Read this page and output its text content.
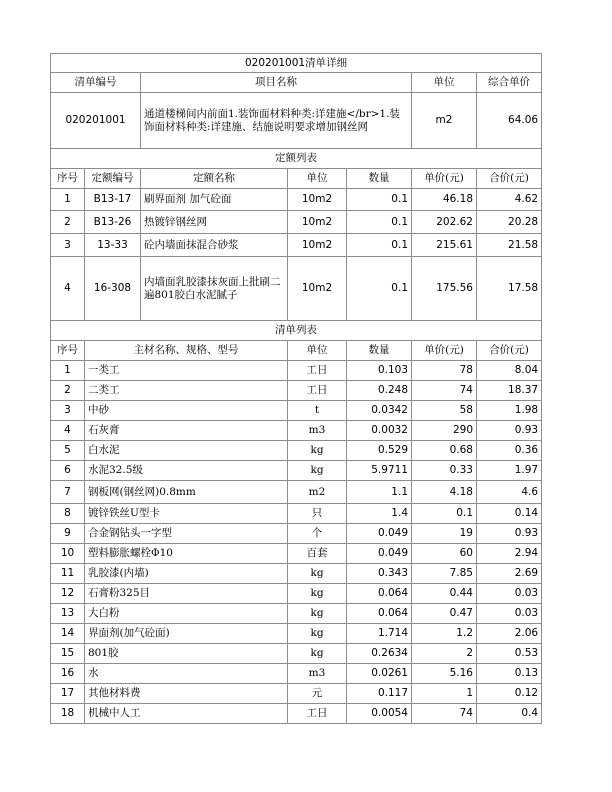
020201001清单详细						
清单编号		项目名称			单位	综合单价
020201001		通道楼梯间内前面1.装饰面材料种类:详建施</br>1.装饰面材料种类:详建施、结施说明要求增加钢丝网			m2	64.06
定额列表						
序号	定额编号	定额名称	单位	数量	单价(元)	合价(元)
1	B13-17	刷界面剂 加气砼面	10m2	0.1	46.18	4.62
2	B13-26	热镀锌钢丝网	10m2	0.1	202.62	20.28
3	13-33	砼内墙面抹混合砂浆	10m2	0.1	215.61	21.58
4	16-308	内墙面乳胶漆抹灰面上批刷二遍801胶白水泥腻子	10m2	0.1	175.56	17.58
清单列表						
序号	主材名称、规格、型号		单位	数量	单价(元)	合价(元)
1	一类工		工日	0.103	78	8.04
2	二类工		工日	0.248	74	18.37
3	中砂		t	0.0342	58	1.98
4	石灰膏		m3	0.0032	290	0.93
5	白水泥		kg	0.529	0.68	0.36
6	水泥32.5级		kg	5.9711	0.33	1.97
7	钢板网(钢丝网)0.8mm		m2	1.1	4.18	4.6
8	镀锌铁丝U型卡		只	1.4	0.1	0.14
9	合金钢钻头一字型		个	0.049	19	0.93
10	塑料膨胀螺栓Φ10		百套	0.049	60	2.94
11	乳胶漆(内墙)		kg	0.343	7.85	2.69
12	石膏粉325目		kg	0.064	0.44	0.03
13	大白粉		kg	0.064	0.47	0.03
14	界面剂(加气砼面)		kg	1.714	1.2	2.06
15	801胶		kg	0.2634	2	0.53
16	水		m3	0.0261	5.16	0.13
17	其他材料费		元	0.117	1	0.12
18	机械中人工		工日	0.0054	74	0.4
